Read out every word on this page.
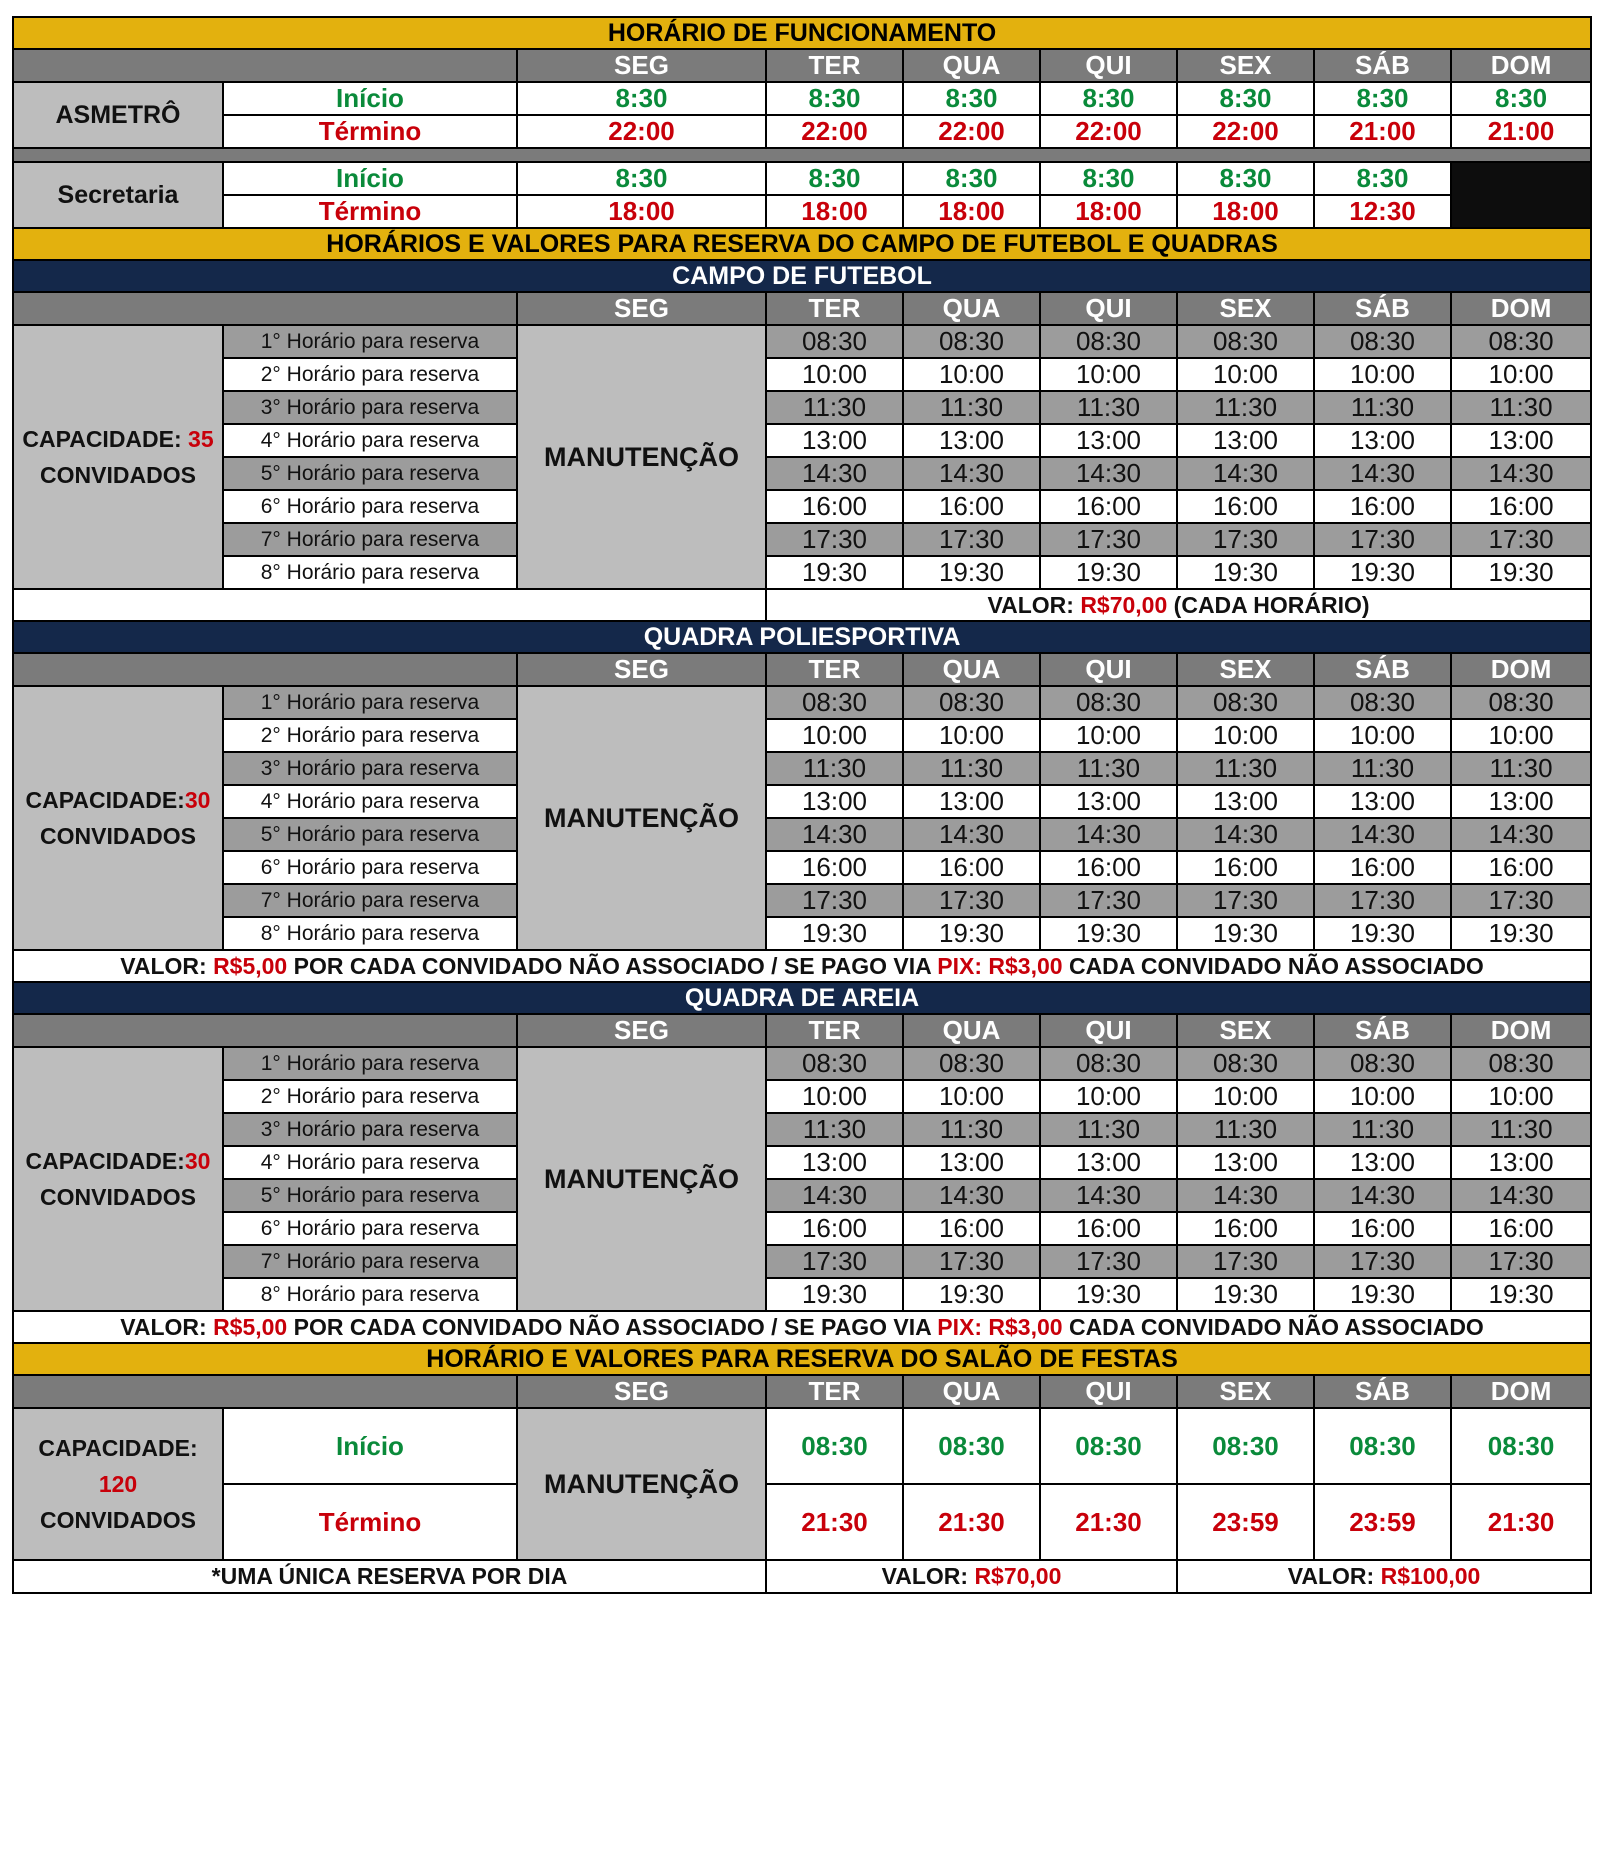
HORÁRIO DE FUNCIONAMENTO								
		SEG	TER	QUA	QUI	SEX	SÁB	DOM
ASMETRÔ	Início	8:30	8:30	8:30	8:30	8:30	8:30	8:30
	Término	22:00	22:00	22:00	22:00	22:00	21:00	21:00

Secretaria	Início	8:30	8:30	8:30	8:30	8:30	8:30	
	Término	18:00	18:00	18:00	18:00	18:00	12:30	
HORÁRIOS E VALORES PARA RESERVA DO CAMPO DE FUTEBOL E QUADRAS								
CAMPO DE FUTEBOL								
		SEG	TER	QUA	QUI	SEX	SÁB	DOM
CAPACIDADE: 35
CONVIDADOS	1° Horário para reserva	MANUTENÇÃO	08:30	08:30	08:30	08:30	08:30	08:30
	2° Horário para reserva		10:00	10:00	10:00	10:00	10:00	10:00
	3° Horário para reserva		11:30	11:30	11:30	11:30	11:30	11:30
	4° Horário para reserva		13:00	13:00	13:00	13:00	13:00	13:00
	5° Horário para reserva		14:30	14:30	14:30	14:30	14:30	14:30
	6° Horário para reserva		16:00	16:00	16:00	16:00	16:00	16:00
	7° Horário para reserva		17:30	17:30	17:30	17:30	17:30	17:30
	8° Horário para reserva		19:30	19:30	19:30	19:30	19:30	19:30
			VALOR: R$70,00 (CADA HORÁRIO)					
QUADRA POLIESPORTIVA								
		SEG	TER	QUA	QUI	SEX	SÁB	DOM
CAPACIDADE:30
CONVIDADOS	1° Horário para reserva	MANUTENÇÃO	08:30	08:30	08:30	08:30	08:30	08:30
	2° Horário para reserva		10:00	10:00	10:00	10:00	10:00	10:00
	3° Horário para reserva		11:30	11:30	11:30	11:30	11:30	11:30
	4° Horário para reserva		13:00	13:00	13:00	13:00	13:00	13:00
	5° Horário para reserva		14:30	14:30	14:30	14:30	14:30	14:30
	6° Horário para reserva		16:00	16:00	16:00	16:00	16:00	16:00
	7° Horário para reserva		17:30	17:30	17:30	17:30	17:30	17:30
	8° Horário para reserva		19:30	19:30	19:30	19:30	19:30	19:30
VALOR: R$5,00 POR CADA CONVIDADO NÃO ASSOCIADO / SE PAGO VIA PIX: R$3,00 CADA CONVIDADO NÃO ASSOCIADO								
QUADRA DE AREIA								
		SEG	TER	QUA	QUI	SEX	SÁB	DOM
CAPACIDADE:30
CONVIDADOS	1° Horário para reserva	MANUTENÇÃO	08:30	08:30	08:30	08:30	08:30	08:30
	2° Horário para reserva		10:00	10:00	10:00	10:00	10:00	10:00
	3° Horário para reserva		11:30	11:30	11:30	11:30	11:30	11:30
	4° Horário para reserva		13:00	13:00	13:00	13:00	13:00	13:00
	5° Horário para reserva		14:30	14:30	14:30	14:30	14:30	14:30
	6° Horário para reserva		16:00	16:00	16:00	16:00	16:00	16:00
	7° Horário para reserva		17:30	17:30	17:30	17:30	17:30	17:30
	8° Horário para reserva		19:30	19:30	19:30	19:30	19:30	19:30
VALOR: R$5,00 POR CADA CONVIDADO NÃO ASSOCIADO / SE PAGO VIA PIX: R$3,00 CADA CONVIDADO NÃO ASSOCIADO								
HORÁRIO E VALORES PARA RESERVA DO SALÃO DE FESTAS								
		SEG	TER	QUA	QUI	SEX	SÁB	DOM
CAPACIDADE:
120
CONVIDADOS	Início	MANUTENÇÃO	08:30	08:30	08:30	08:30	08:30	08:30
	Término		21:30	21:30	21:30	23:59	23:59	21:30
*UMA ÚNICA RESERVA POR DIA			VALOR: R$70,00			VALOR: R$100,00		
